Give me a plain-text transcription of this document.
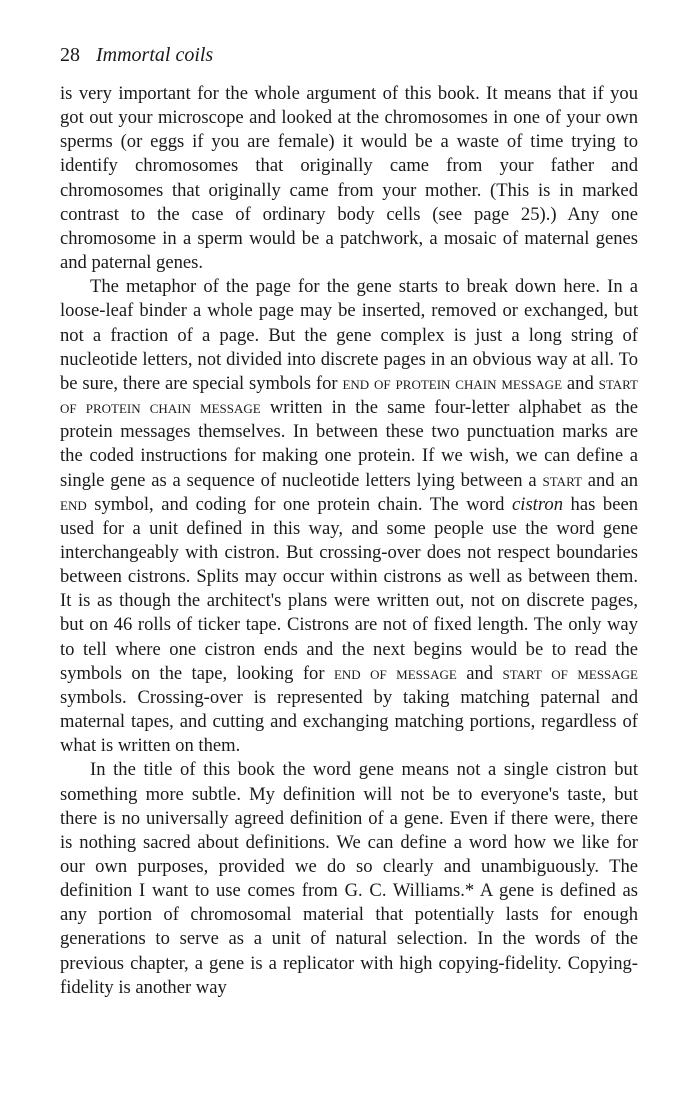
28 Immortal coils

is very important for the whole argument of this book. It means that if you got out your microscope and looked at the chromosomes in one of your own sperms (or eggs if you are female) it would be a waste of time trying to identify chromosomes that originally came from your father and chromosomes that originally came from your mother. (This is in marked contrast to the case of ordinary body cells (see page 25).) Any one chromosome in a sperm would be a patchwork, a mosaic of maternal genes and paternal genes.

The metaphor of the page for the gene starts to break down here. In a loose-leaf binder a whole page may be inserted, removed or exchanged, but not a fraction of a page. But the gene complex is just a long string of nucleotide letters, not divided into discrete pages in an obvious way at all. To be sure, there are special symbols for end of protein chain message and start of protein chain message written in the same four-letter alphabet as the protein messages themselves. In between these two punctuation marks are the coded instructions for making one protein. If we wish, we can define a single gene as a sequence of nucleotide letters lying between a start and an end symbol, and coding for one protein chain. The word cistron has been used for a unit defined in this way, and some people use the word gene interchangeably with cistron. But crossing-over does not respect boundaries between cistrons. Splits may occur within cistrons as well as between them. It is as though the architect's plans were written out, not on discrete pages, but on 46 rolls of ticker tape. Cistrons are not of fixed length. The only way to tell where one cistron ends and the next begins would be to read the symbols on the tape, looking for end of message and start of message symbols. Crossing-over is represented by taking matching paternal and maternal tapes, and cutting and exchanging matching portions, regardless of what is written on them.

In the title of this book the word gene means not a single cistron but something more subtle. My definition will not be to everyone's taste, but there is no universally agreed definition of a gene. Even if there were, there is nothing sacred about definitions. We can define a word how we like for our own purposes, provided we do so clearly and unambiguously. The definition I want to use comes from G. C. Williams.* A gene is defined as any portion of chromosomal material that potentially lasts for enough generations to serve as a unit of natural selection. In the words of the previous chapter, a gene is a replicator with high copying-fidelity. Copying-fidelity is another way
